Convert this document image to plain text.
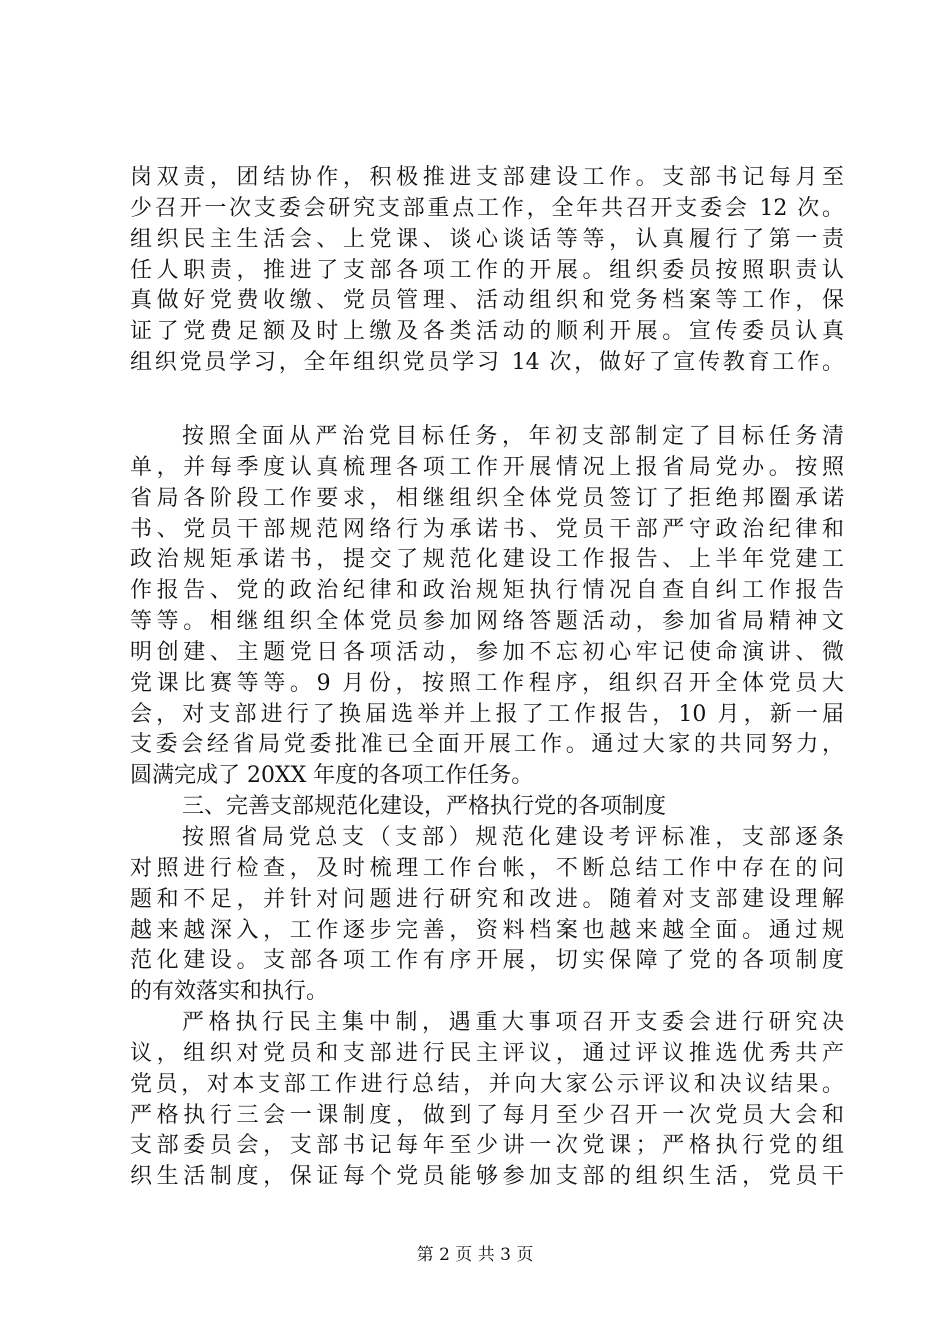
岗双责，团结协作，积极推进支部建设工作。支部书记每月至
少召开一次支委会研究支部重点工作，全年共召开支委会 12 次。
组织民主生活会、上党课、谈心谈话等等，认真履行了第一责
任人职责，推进了支部各项工作的开展。组织委员按照职责认
真做好党费收缴、党员管理、活动组织和党务档案等工作，保
证了党费足额及时上缴及各类活动的顺利开展。宣传委员认真
组织党员学习，全年组织党员学习 14 次，做好了宣传教育工作。
按照全面从严治党目标任务，年初支部制定了目标任务清
单，并每季度认真梳理各项工作开展情况上报省局党办。按照
省局各阶段工作要求，相继组织全体党员签订了拒绝邦圈承诺
书、党员干部规范网络行为承诺书、党员干部严守政治纪律和
政治规矩承诺书，提交了规范化建设工作报告、上半年党建工
作报告、党的政治纪律和政治规矩执行情况自查自纠工作报告
等等。相继组织全体党员参加网络答题活动，参加省局精神文
明创建、主题党日各项活动，参加不忘初心牢记使命演讲、微
党课比赛等等。9 月份，按照工作程序，组织召开全体党员大
会，对支部进行了换届选举并上报了工作报告，10 月，新一届
支委会经省局党委批准已全面开展工作。通过大家的共同努力，
圆满完成了 20XX 年度的各项工作任务。
三、完善支部规范化建设，严格执行党的各项制度
按照省局党总支（支部）规范化建设考评标准，支部逐条
对照进行检查，及时梳理工作台帐，不断总结工作中存在的问
题和不足，并针对问题进行研究和改进。随着对支部建设理解
越来越深入，工作逐步完善，资料档案也越来越全面。通过规
范化建设。支部各项工作有序开展，切实保障了党的各项制度
的有效落实和执行。
严格执行民主集中制，遇重大事项召开支委会进行研究决
议，组织对党员和支部进行民主评议，通过评议推选优秀共产
党员，对本支部工作进行总结，并向大家公示评议和决议结果。
严格执行三会一课制度，做到了每月至少召开一次党员大会和
支部委员会，支部书记每年至少讲一次党课；严格执行党的组
织生活制度，保证每个党员能够参加支部的组织生活，党员干
第 2 页 共 3 页
